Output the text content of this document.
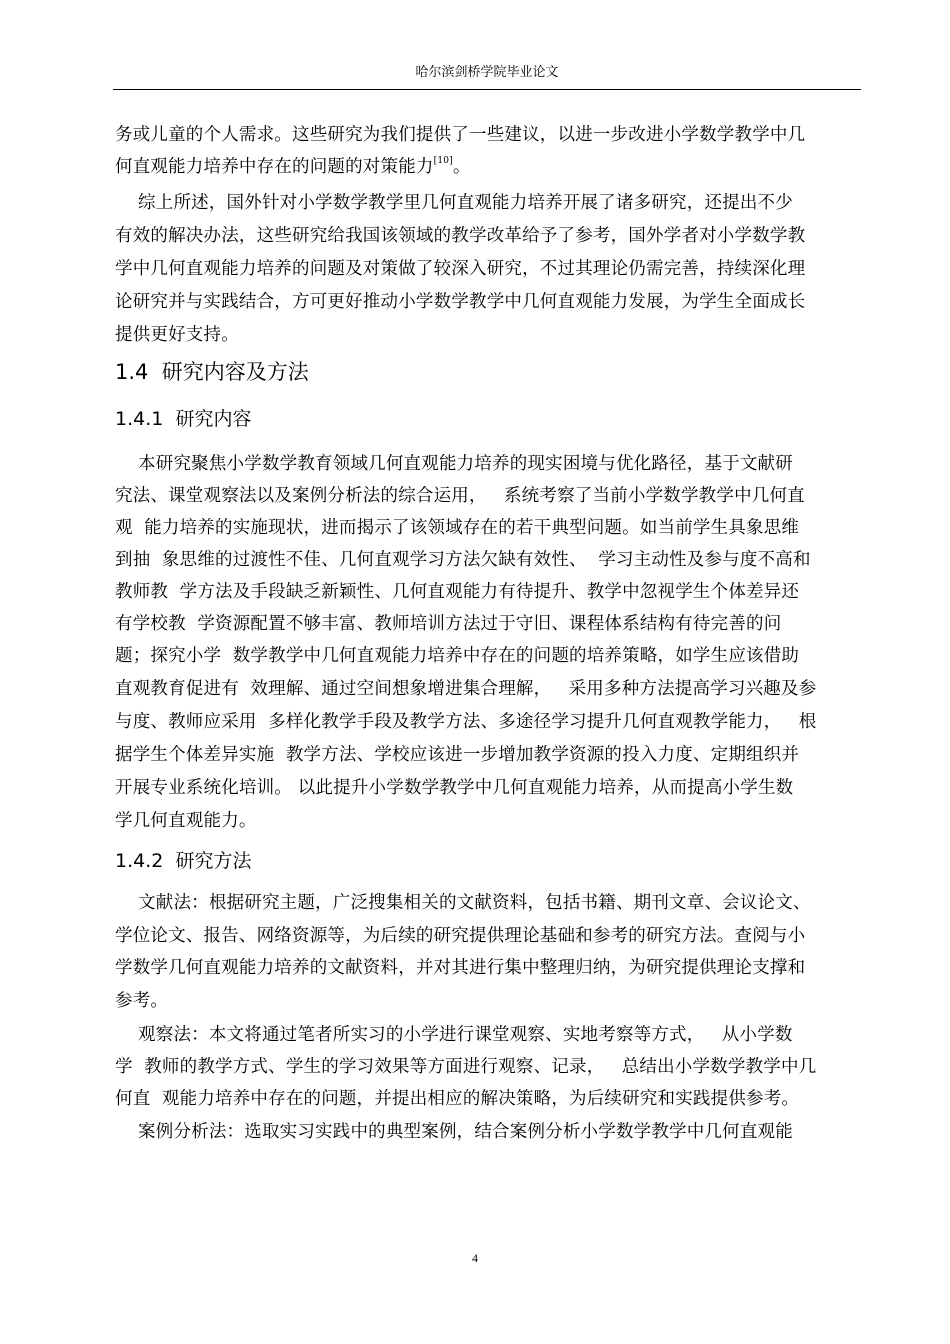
哈尔滨剑桥学院毕业论文
务或儿童的个人需求。这些研究为我们提供了一些建议，以进一步改进小学数学教学中几
何直观能力培养中存在的问题的对策能力[10]。
综上所述，国外针对小学数学教学里几何直观能力培养开展了诸多研究，还提出不少
有效的解决办法，这些研究给我国该领域的教学改革给予了参考，国外学者对小学数学教
学中几何直观能力培养的问题及对策做了较深入研究，不过其理论仍需完善，持续深化理
论研究并与实践结合，方可更好推动小学数学教学中几何直观能力发展，为学生全面成长
提供更好支持。
1.4 研究内容及方法
1.4.1 研究内容
本研究聚焦小学数学教育领域几何直观能力培养的现实困境与优化路径，基于文献研
究法、课堂观察法以及案例分析法的综合运用，   系统考察了当前小学数学教学中几何直
观  能力培养的实施现状，进而揭示了该领域存在的若干典型问题。如当前学生具象思维
到抽  象思维的过渡性不佳、几何直观学习方法欠缺有效性、  学习主动性及参与度不高和
教师教  学方法及手段缺乏新颖性、几何直观能力有待提升、教学中忽视学生个体差异还
有学校教  学资源配置不够丰富、教师培训方法过于守旧、课程体系结构有待完善的问
题；探究小学  数学教学中几何直观能力培养中存在的问题的培养策略，如学生应该借助
直观教育促进有  效理解、通过空间想象增进集合理解，   采用多种方法提高学习兴趣及参
与度、教师应采用  多样化教学手段及教学方法、多途径学习提升几何直观教学能力，   根
据学生个体差异实施  教学方法、学校应该进一步增加教学资源的投入力度、定期组织并
开展专业系统化培训。 以此提升小学数学教学中几何直观能力培养，从而提高小学生数
学几何直观能力。
1.4.2 研究方法
文献法：根据研究主题，广泛搜集相关的文献资料，包括书籍、期刊文章、会议论文、
学位论文、报告、网络资源等，为后续的研究提供理论基础和参考的研究方法。查阅与小
学数学几何直观能力培养的文献资料，并对其进行集中整理归纳，为研究提供理论支撑和
参考。
观察法：本文将通过笔者所实习的小学进行课堂观察、实地考察等方式，   从小学数
学  教师的教学方式、学生的学习效果等方面进行观察、记录，   总结出小学数学教学中几
何直  观能力培养中存在的问题，并提出相应的解决策略，为后续研究和实践提供参考。
案例分析法：选取实习实践中的典型案例，结合案例分析小学数学教学中几何直观能
4
